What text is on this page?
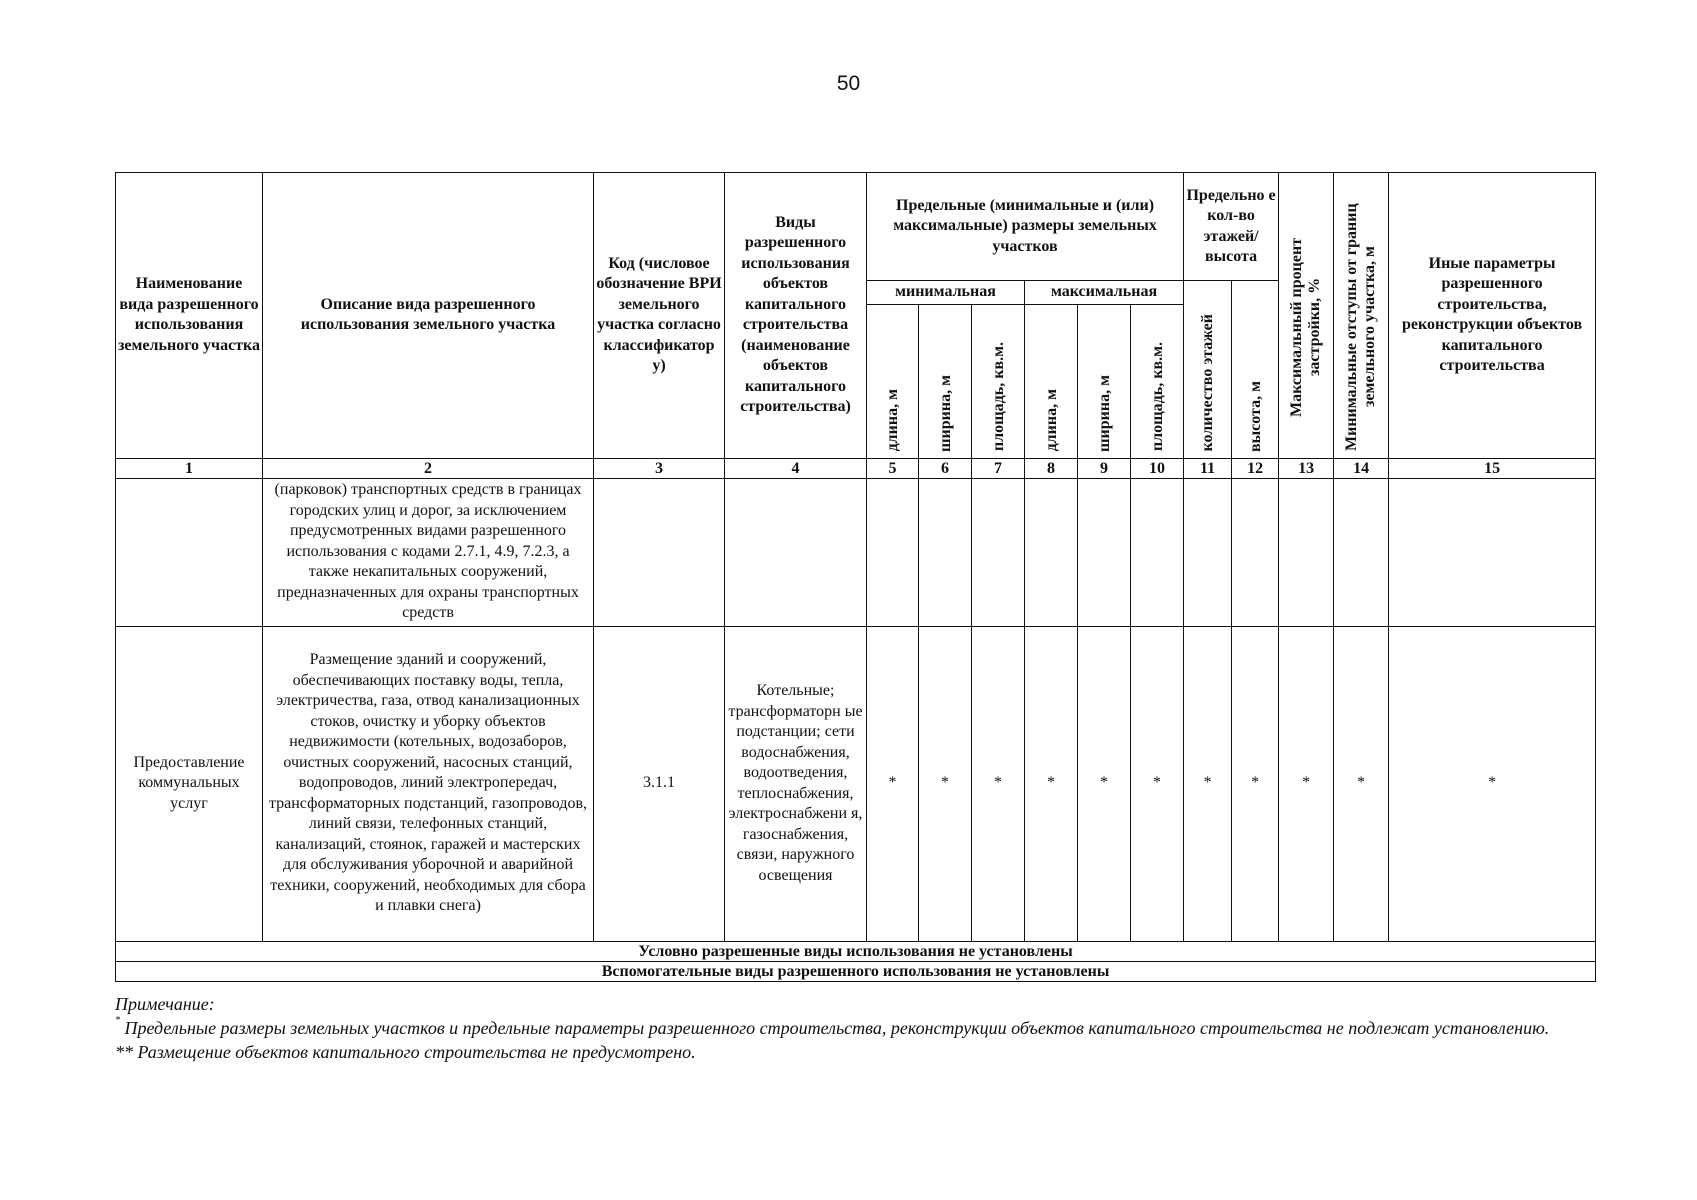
50
Наименование вида разрешенного использования земельного участка	Описание вида разрешенного использования земельного участка	Код (числовое обозначение ВРИ земельного участка согласно классификатор у)	Виды разрешенного использования объектов капитального строительства (наименование объектов капитального строительства)	Предельные (минимальные и (или) максимальные) размеры земельных участков						Предельно е кол-во этажей/ высота		Максимальный процент застройки, %	Минимальные отступы от границ земельного участка, м	Иные параметры разрешенного строительства, реконструкции объектов капитального строительства
				минимальная			максимальная			количество этажей	высота, м			

				длина, м	ширина, м	площадь, кв.м.	длина, м	ширина, м	площадь, кв.м.					

1	2	3	4	5	6	7	8	9	10	11	12	13	14	15
	(парковок) транспортных средств в границах городских улиц и дорог, за исключением предусмотренных видами разрешенного использования с кодами 2.7.1, 4.9, 7.2.3, а также некапитальных сооружений, предназначенных для охраны транспортных средств													
Предоставление коммунальных услуг	Размещение зданий и сооружений, обеспечивающих поставку воды, тепла, электричества, газа, отвод канализационных стоков, очистку и уборку объектов недвижимости (котельных, водозаборов, очистных сооружений, насосных станций, водопроводов, линий электропередач, трансформаторных подстанций, газопроводов, линий связи, телефонных станций, канализаций, стоянок, гаражей и мастерских для обслуживания уборочной и аварийной техники, сооружений, необходимых для сбора и плавки снега)	3.1.1	Котельные; трансформаторн ые подстанции; сети водоснабжения, водоотведения, теплоснабжения, электроснабжени я, газоснабжения, связи, наружного освещения	*	*	*	*	*	*	*	*	*	*	*
Условно разрешенные виды использования не установлены														
Вспомогательные виды разрешенного использования не установлены														

Примечание:

* Предельные размеры земельных участков и предельные параметры разрешенного строительства, реконструкции объектов капитального строительства не подлежат установлению.

** Размещение объектов капитального строительства не предусмотрено.
